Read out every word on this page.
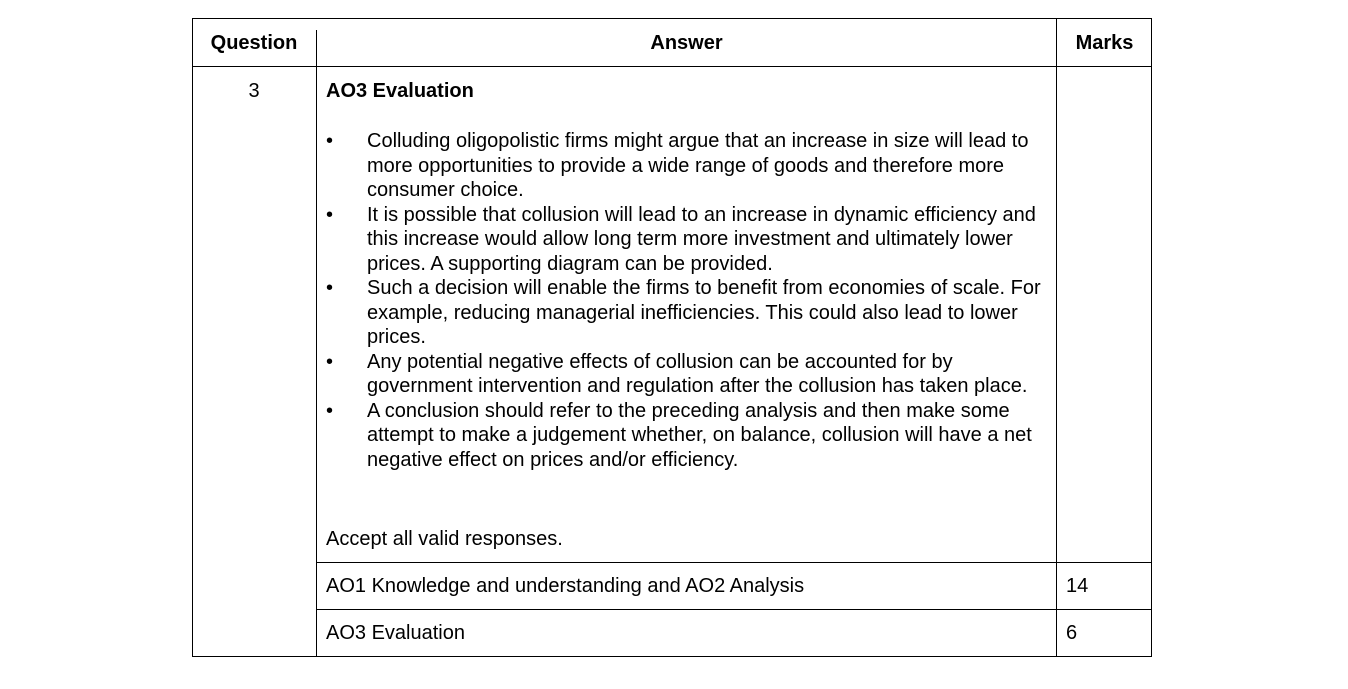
Question	Answer	Marks
3	AO3 Evaluation
• Colluding oligopolistic firms might argue that an increase in size will lead to more opportunities to provide a wide range of goods and therefore more consumer choice.
• It is possible that collusion will lead to an increase in dynamic efficiency and this increase would allow long term more investment and ultimately lower prices. A supporting diagram can be provided.
• Such a decision will enable the firms to benefit from economies of scale. For example, reducing managerial inefficiencies. This could also lead to lower prices.
• Any potential negative effects of collusion can be accounted for by government intervention and regulation after the collusion has taken place.
• A conclusion should refer to the preceding analysis and then make some attempt to make a judgement whether, on balance, collusion will have a net negative effect on prices and/or efficiency.
Accept all valid responses.
AO1 Knowledge and understanding and AO2 Analysis	14
AO3 Evaluation	6
